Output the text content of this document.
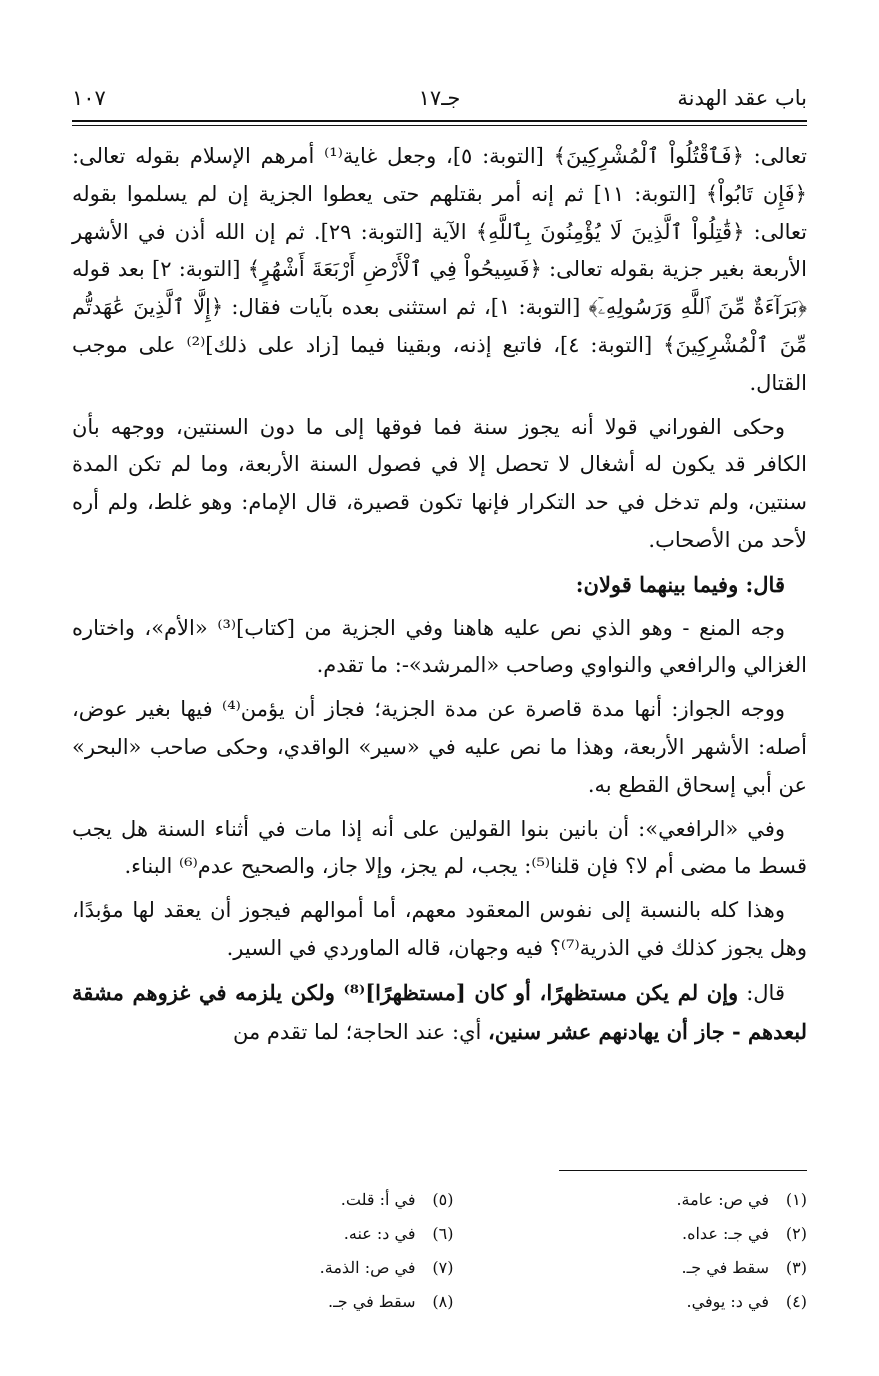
باب عقد الهدنة
جـ١٧
١٠٧

تعالى: ﴿فَٱقْتُلُواْ ٱلْمُشْرِكِينَ﴾ [التوبة: ٥]، وجعل غاية⁽¹⁾ أمرهم الإسلام بقوله تعالى: ﴿فَإِن تَابُواْ﴾ [التوبة: ١١] ثم إنه أمر بقتلهم حتى يعطوا الجزية إن لم يسلموا بقوله تعالى: ﴿قَٰتِلُواْ ٱلَّذِينَ لَا يُؤْمِنُونَ بِٱللَّهِ﴾ الآية [التوبة: ٢٩]. ثم إن الله أذن في الأشهر الأربعة بغير جزية بقوله تعالى: ﴿فَسِيحُواْ فِي ٱلْأَرْضِ أَرْبَعَةَ أَشْهُرٍ﴾ [التوبة: ٢] بعد قوله ﴿بَرَآءَةٌ مِّنَ ٱللَّهِ وَرَسُولِهِۦٓ﴾ [التوبة: ١]، ثم استثنى بعده بآيات فقال: ﴿إِلَّا ٱلَّذِينَ عَٰهَدتُّم مِّنَ ٱلْمُشْرِكِينَ﴾ [التوبة: ٤]، فاتبع إذنه، وبقينا فيما [زاد على ذلك]⁽²⁾ على موجب القتال.

وحكى الفوراني قولا أنه يجوز سنة فما فوقها إلى ما دون السنتين، ووجهه بأن الكافر قد يكون له أشغال لا تحصل إلا في فصول السنة الأربعة، وما لم تكن المدة سنتين، ولم تدخل في حد التكرار فإنها تكون قصيرة، قال الإمام: وهو غلط، ولم أره لأحد من الأصحاب.

قال: وفيما بينهما قولان:

وجه المنع - وهو الذي نص عليه هاهنا وفي الجزية من [كتاب]⁽³⁾ «الأم»، واختاره الغزالي والرافعي والنواوي وصاحب «المرشد»-: ما تقدم.

ووجه الجواز: أنها مدة قاصرة عن مدة الجزية؛ فجاز أن يؤمن⁽⁴⁾ فيها بغير عوض، أصله: الأشهر الأربعة، وهذا ما نص عليه في «سير» الواقدي، وحكى صاحب «البحر» عن أبي إسحاق القطع به.

وفي «الرافعي»: أن بانين بنوا القولين على أنه إذا مات في أثناء السنة هل يجب قسط ما مضى أم لا؟ فإن قلنا⁽⁵⁾: يجب، لم يجز، وإلا جاز، والصحيح عدم⁽⁶⁾ البناء.

وهذا كله بالنسبة إلى نفوس المعقود معهم، أما أموالهم فيجوز أن يعقد لها مؤبدًا، وهل يجوز كذلك في الذرية⁽⁷⁾؟ فيه وجهان، قاله الماوردي في السير.

قال: وإن لم يكن مستظهرًا، أو كان [مستظهرًا]⁽⁸⁾ ولكن يلزمه في غزوهم مشقة لبعدهم - جاز أن يهادنهم عشر سنين، أي: عند الحاجة؛ لما تقدم من

(١)في ص: عامة.
(٢)في جـ: عداه.
(٣)سقط في جـ.
(٤)في د: يوفي.
(٥)في أ: قلت.
(٦)في د: عنه.
(٧)في ص: الذمة.
(٨)سقط في جـ.
